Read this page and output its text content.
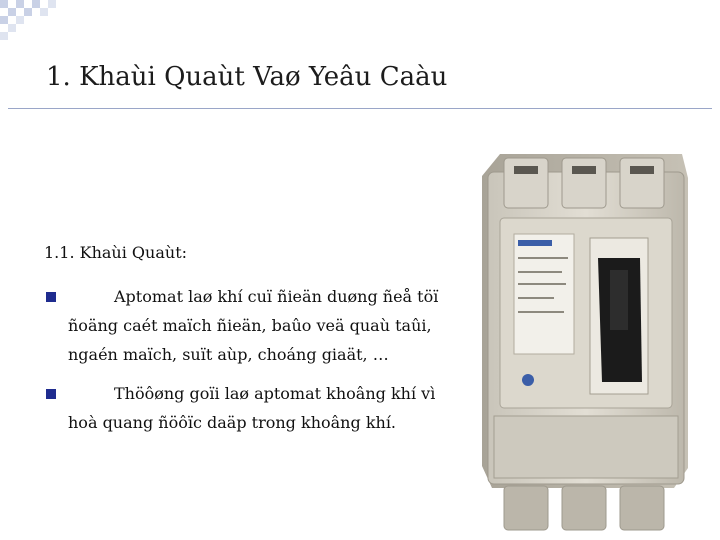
1. Khaùi Quaùt Vaø Yeâu Caàu
1.1. Khaùi Quaùt:
Aptomat laø khí cuï ñieän duøng ñeå töï
ñoäng caét maïch ñieän, baûo veä quaù taûi, ngaén maïch, suït aùp, choáng giaät, …
Thöôøng goïi laø aptomat khoâng khí vì
hoà quang ñöôïc daäp trong khoâng khí.
